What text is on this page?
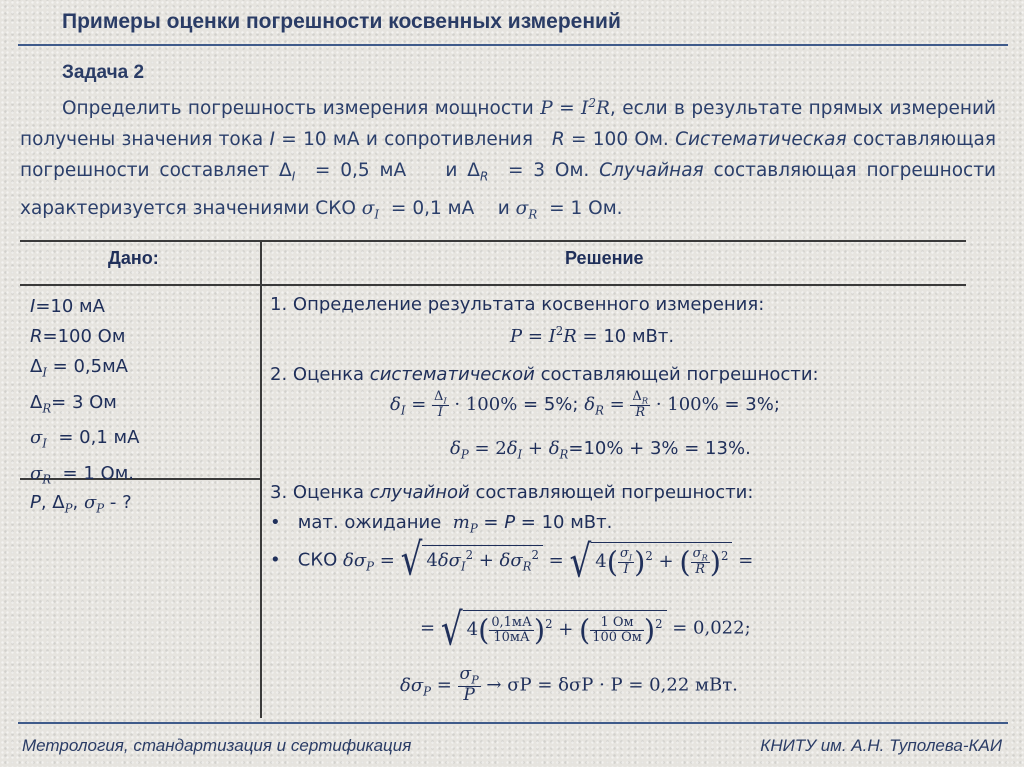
Примеры оценки погрешности косвенных измерений
Задача 2
Определить погрешность измерения мощности $P = I^2R$, если в результате прямых измерений получены значения тока I = 10 мА и сопротивления R = 100 Ом. Систематическая составляющая погрешности составляет $\Delta_I = 0,5$ мА    и $\Delta_R = 3$ Ом. Случайная составляющая погрешности характеризуется значениями СКО $\sigma_I = 0,1$ мА    и $\sigma_R = 1$ Ом.
Дано:	Решение
I=10 мА
R=100 Ом
$\Delta_I = 0,5мА$
$\Delta_R= 3$ Ом
$\sigma_I = 0,1$ мА
$\sigma_R = 1$ Ом.
P, $\Delta_P$, $\sigma_P$ - ?
1. Определение результата косвенного измерения:
$P = I^2R = 10$ мВт.
2. Оценка систематической составляющей погрешности:
$\delta_I = \frac{\Delta_I}{I} \cdot 100\% = 5\%$; $\delta_R = \frac{\Delta_R}{R} \cdot 100\% = 3\%$;
$\delta_P = 2\delta_I + \delta_R=10\% + 3\% = 13\%$.
3. Оценка случайной составляющей погрешности:
•   мат. ожидание $m_P = P = 10$ мВт.
•   СКО $\delta\sigma_P$ = √ $4\delta\sigma_I^2 + \delta\sigma_R^2$ = √ $4( \frac{\sigma_I}{I} )^2$ + ( $\frac{\sigma_R}{R} )^2$ =
= √ $4( \frac{0,1мА}{10мА} )^2$ + ( $\frac{1 Ом}{100 Ом} )^2 = 0,022$;
$\delta\sigma_P = \frac{\sigma_P}{P} \to \sigma P = \delta\sigma P \cdot P = 0,22$ мВт.
Метрология, стандартизация и сертификация	КНИТУ им. А.Н. Туполева-КАИ
